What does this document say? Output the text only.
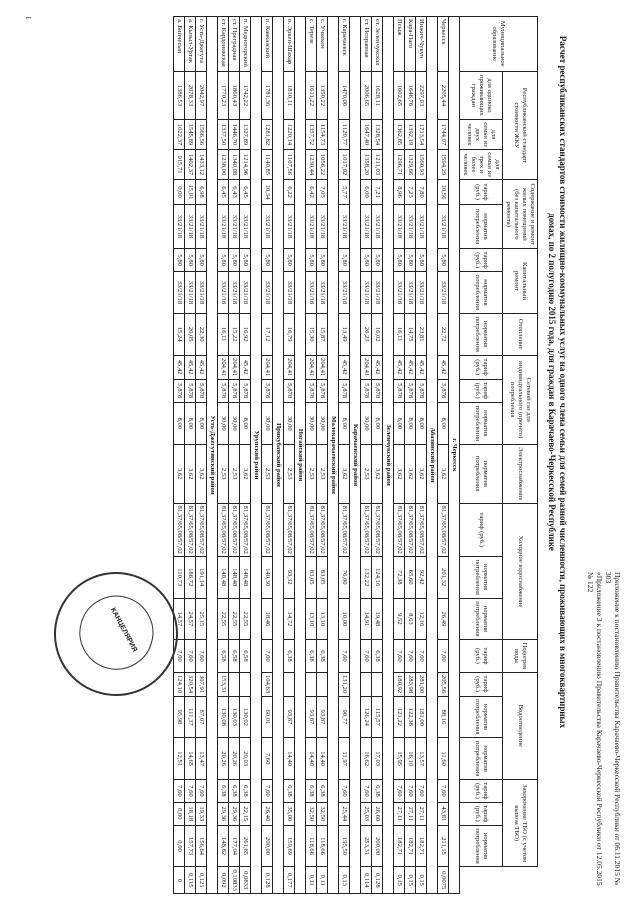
Приложение к постановлению Правительства Карачаево-Черкесской Республики от 06.11.2015 № 303
«Приложение 3 к постановлению Правительства Карачаево-Черкесской Республики от 12.05.2015 № 122
Расчет республиканских стандартов стоимости жилищно-коммунальных услуг на одного члена семьи для семей разной численности, проживающих в многоквартирных домах, по 2 полугодию 2015 года, для граждан в Карачаево-Черкесской Республике
Муниципальное образование	Республиканский стандарт стоимости ЖКУ			Содержание и ремонт жилых помещений (без капитального ремонта)		Капитальный ремонт		Отопление	Сетевой газ для индивидуального (прочего) потребления			Электроснабжение	Холодное водоснабжение			Подогрев воды	Водоотведение			Захоронение ТБО (с учетом вывоза ТБО)			
	для одиноко проживающих граждан	для семьи из двух человек	для семьи из трех и более человек	тариф (руб.)	норматив потребления	тариф (руб.)	норматив потребления	норматив потребления	тариф (руб.)	тариф (руб.)	норматив потребления	норматив потребления	тариф (руб.)	норматив потребления	норматив потребления	тариф (руб.)	тариф (руб.)	норматив потребления	норматив потребления	тариф (руб.)	тариф (руб.)	норматив потребления	
г. Черкесск																							
Черкесск	2205,44	1744,07	1594,29	10,56	33/21/18	5,80	33/21/18	22,72	45,42	5,878	8,00	3,62	81,37/65,08/57,02	201,32	26,49	7,60	205,56	88,16	11,60	7,60	43,81	211,15	0,0075
Абазинский район																							
Инжич-Чукун	2297,03	1713,54	1560,93	7,80	33/21/18	5,80	33/21/18	23,81	45,42	5,878	8,00	3,62	81,37/65,08/57,02	92,42	12,16	7,60	281,00	181,00	13,57	7,60	27,11	182,71	0,15
Кара-Паго	1646,76	1392,19	1329,66	7,23	33/21/18	5,80	33/21/18	14,75	45,42	5,878	8,00	3,62	81,37/65,08/57,02	65,60	8,63	7,60	283,98	122,38	16,10	7,60	27,11	182,71	0,15
Псыж	1602,65	1362,85	1296,71	8,96	33/21/18	5,80	33/21/18	16,11	45,42	5,878	8,00	3,62	81,37/65,08/57,02	72,38	9,52	7,60	180,92	121,22	15,95	7,60	27,11	182,71	0,15
Зеленчукский район																							
ст. Зеленчукская	1628,11	1328,54	1211,03	7,21	33/21/18	5,80	33/21/18	16,02	45,42	5,878	8,00	3,62	81,37/65,08/57,02	124,16	19,48	6,38		115,57	17,03	6,38	26,60	200,00	0,128
ст. Исправная	2006,65	1647,40	1358,20	6,00	33/21/18	5,80	33/21/18	26,23	204,41	5,878	30,00	2,53	81,37/65,08/57,02	132,22	14,91	7,60		126,24	16,62	7,60	25,03	253,31	0,114
Карачаевский район																							
г. Карачаевск	1470,06	1120,77	1017,02	5,77	33/21/18	5,80	33/21/18	13,49	45,42	5,878	8,00	3,62	81,37/65,08/57,02	76,00	10,00	7,60	131,20	90,77	11,97	7,60	25,44	195,50	0,13
Малокарачаевский район																							
с. Учкекен	1350,22	1154,73	1056,22	7,03	33/21/18	5,80	33/21/18	15,87	204,41	5,878	30,00	2,53	81,37/65,08/57,02	83,05	13,10	6,38		93,87	14,40	6,38	32,50	118,66	0,11
с. Терезе	1611,22	1357,72	1230,44	6,42	33/21/18	5,80	33/21/18	15,30	204,41	5,878	30,00	2,53	81,37/65,08/57,02	83,05	13,10	6,38		93,87	14,40	6,38	32,50	118,66	0,11
Ногайский район																							
п. Эркен-Шахар	1810,11	1220,14	1107,56	6,22	33/21/18	5,80	33/21/18	16,79	204,41	5,878	30,00	2,53	81,37/65,08/57,02	93,32	14,72	6,38		93,87	14,40	6,38	35,00	159,69	0,177
Прикубанский район																							
п. Кавказский	1781,36	1281,82	1140,85	10,34	33/21/18	5,80	33/21/18	17,12	204,41	5,878	30,00	2,53	81,37/65,08/57,02	140,30	18,46	7,60	104,63	60,01	7,60	7,60	26,40	200,00	0,128
Урупский район																							
п. Медногорский	1742,22	1327,89	1214,96	6,45	33/21/18	5,80	33/21/18	16,92	45,42	5,878	8,00	3,62	81,37/65,08/57,02	148,48	22,55	6,58		130,02	20,03	6,38	22,15	261,65	0,0833
ст. Преградная	1860,43	1446,70	1340,08	6,43	33/21/18	5,80	33/21/18	15,22	204,41	5,878	30,00	2,53	81,37/65,08/57,02	148,48	22,55	6,58		130,03	20,26	6,38	29,36	177,04	0,10833
ст. Кардоникская	1770,23	1337,50	1238,00	6,45	33/21/18	5,80	33/21/18	16,11	204,41	5,878	30,00	2,53	81,37/65,08/57,02	148,48	22,55	6,58	153,31	130,08	20,26	6,38	29,36	148,82	0,092
Усть-Джегутинский район																							
г. Усть-Джегута	2042,97	1566,56	1433,12	6,98	33/21/18	5,80	33/21/18	22,30	45,42	5,878	8,00	3,62	81,37/65,08/57,02	191,14	25,15	7,60	307,91	87,07	13,47	7,60	19,33	156,64	0,121
а. Кызыл-Уртак	2078,33	1545,89	1402,37	15,01	33/21/18	5,80	33/21/18	20,05	45,42	5,878	8,00	3,62	81,37/65,08/57,02	186,72	24,57	7,60	320,54	111,37	14,65	7,60	18,18	157,73	0,115
а. Бийчесын	1386,53	1022,37	915,71	0,00	33/21/18	5,80	33/21/18	15,24	45,42	5,878	8,00	3,62	81,37/65,08/57,02	110,73	14,57	7,60	124,10	95,98	12,51	7,60	0,00	0,00	0
КАНЦЕЛЯРИЯ
1
